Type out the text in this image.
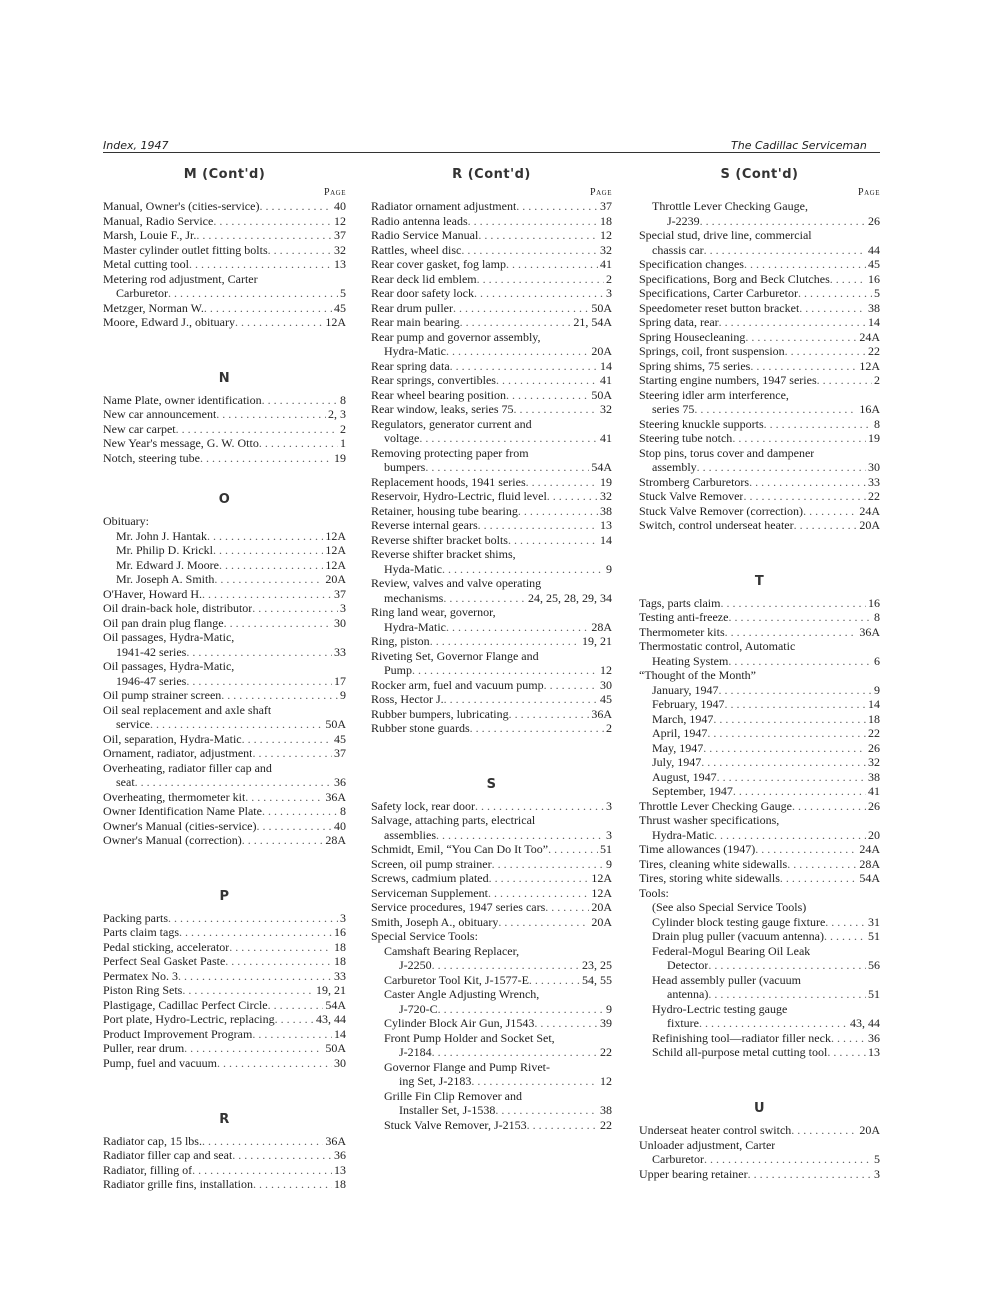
Index, 1947	The Cadillac Serviceman
M (Cont'd)
Page
Manual, Owner's (cities-service) . . .	40
Manual, Radio Service . . .	12
Marsh, Louie F., Jr. . . .	37
Master cylinder outlet fitting bolts . . .	32
Metal cutting tool . . .	13
Metering rod adjustment, Carter
Carburetor . . .	5
Metzger, Norman W. . . .	45
Moore, Edward J., obituary . . .	12A
N
Name Plate, owner identification . . .	8
New car announcement . . .	2, 3
New car carpet . . .	2
New Year's message, G. W. Otto . . .	1
Notch, steering tube . . .	19
O
Obituary:
Mr. John J. Hantak . . .	12A
Mr. Philip D. Krickl . . .	12A
Mr. Edward J. Moore . . .	12A
Mr. Joseph A. Smith . . .	20A
O'Haver, Howard H. . . .	37
Oil drain-back hole, distributor . . .	3
Oil pan drain plug flange . . .	30
Oil passages, Hydra-Matic,
1941-42 series . . .	33
Oil passages, Hydra-Matic,
1946-47 series . . .	17
Oil pump strainer screen . . .	9
Oil seal replacement and axle shaft
service . . .	50A
Oil, separation, Hydra-Matic . . .	45
Ornament, radiator, adjustment . . .	37
Overheating, radiator filler cap and
seat . . .	36
Overheating, thermometer kit . . .	36A
Owner Identification Name Plate . . .	8
Owner's Manual (cities-service) . . .	40
Owner's Manual (correction) . . .	28A
P
Packing parts . . .	3
Parts claim tags . . .	16
Pedal sticking, accelerator . . .	18
Perfect Seal Gasket Paste . . .	18
Permatex No. 3 . . .	33
Piston Ring Sets . . .	19, 21
Plastigage, Cadillac Perfect Circle . . .	54A
Port plate, Hydro-Lectric, replacing . . .	43, 44
Product Improvement Program . . .	14
Puller, rear drum . . .	50A
Pump, fuel and vacuum . . .	30
R
Radiator cap, 15 lbs. . . .	36A
Radiator filler cap and seat . . .	36
Radiator, filling of . . .	13
Radiator grille fins, installation . . .	18
R (Cont'd)
Page
Radiator ornament adjustment . . .	37
Radio antenna leads . . .	18
Radio Service Manual . . .	12
Rattles, wheel disc . . .	32
Rear cover gasket, fog lamp . . .	41
Rear deck lid emblem . . .	2
Rear door safety lock . . .	3
Rear drum puller . . .	50A
Rear main bearing . . .	21, 54A
Rear pump and governor assembly,
Hydra-Matic . . .	20A
Rear spring data . . .	14
Rear springs, convertibles . . .	41
Rear wheel bearing position . . .	50A
Rear window, leaks, series 75 . . .	32
Regulators, generator current and
voltage . . .	41
Removing protecting paper from
bumpers . . .	54A
Replacement hoods, 1941 series . . .	19
Reservoir, Hydro-Lectric, fluid level . . .	32
Retainer, housing tube bearing . . .	38
Reverse internal gears . . .	13
Reverse shifter bracket bolts . . .	14
Reverse shifter bracket shims,
Hyda-Matic . . .	9
Review, valves and valve operating
mechanisms . . .	24, 25, 28, 29, 34
Ring land wear, governor,
Hydra-Matic . . .	28A
Ring, piston . . .	19, 21
Riveting Set, Governor Flange and
Pump . . .	12
Rocker arm, fuel and vacuum pump . . .	30
Ross, Hector J. . . .	45
Rubber bumpers, lubricating . . .	36A
Rubber stone guards . . .	2
S
Safety lock, rear door . . .	3
Salvage, attaching parts, electrical
assemblies . . .	3
Schmidt, Emil, “You Can Do It Too” . . .	51
Screen, oil pump strainer . . .	9
Screws, cadmium plated . . .	12A
Serviceman Supplement . . .	12A
Service procedures, 1947 series cars . . .	20A
Smith, Joseph A., obituary . . .	20A
Special Service Tools:
Camshaft Bearing Replacer,
J-2250 . . .	23, 25
Carburetor Tool Kit, J-1577-E . . .	54, 55
Caster Angle Adjusting Wrench,
J-720-C . . .	9
Cylinder Block Air Gun, J1543 . . .	39
Front Pump Holder and Socket Set,
J-2184 . . .	22
Governor Flange and Pump Rivet-
ing Set, J-2183 . . .	12
Grille Fin Clip Remover and
Installer Set, J-1538 . . .	38
Stuck Valve Remover, J-2153 . . .	22
S (Cont'd)
Page
Throttle Lever Checking Gauge,
J-2239 . . .	26
Special stud, drive line, commercial
chassis car . . .	44
Specification changes . . .	45
Specifications, Borg and Beck Clutches . . .	16
Specifications, Carter Carburetor . . .	5
Speedometer reset button bracket . . .	38
Spring data, rear . . .	14
Spring Housecleaning . . .	24A
Springs, coil, front suspension . . .	22
Spring shims, 75 series . . .	12A
Starting engine numbers, 1947 series . . .	2
Steering idler arm interference,
series 75 . . .	16A
Steering knuckle supports . . .	8
Steering tube notch . . .	19
Stop pins, torus cover and dampener
assembly . . .	30
Stromberg Carburetors . . .	33
Stuck Valve Remover . . .	22
Stuck Valve Remover (correction) . . .	24A
Switch, control underseat heater . . .	20A
T
Tags, parts claim . . .	16
Testing anti-freeze . . .	8
Thermometer kits . . .	36A
Thermostatic control, Automatic
Heating System . . .	6
“Thought of the Month”
January, 1947 . . .	9
February, 1947 . . .	14
March, 1947 . . .	18
April, 1947 . . .	22
May, 1947 . . .	26
July, 1947 . . .	32
August, 1947 . . .	38
September, 1947 . . .	41
Throttle Lever Checking Gauge . . .	26
Thrust washer specifications,
Hydra-Matic . . .	20
Time allowances (1947) . . .	24A
Tires, cleaning white sidewalls . . .	28A
Tires, storing white sidewalls . . .	54A
Tools:
(See also Special Service Tools)
Cylinder block testing gauge fixture . . .	31
Drain plug puller (vacuum antenna) . . .	51
Federal-Mogul Bearing Oil Leak
Detector . . .	56
Head assembly puller (vacuum
antenna) . . .	51
Hydro-Lectric testing gauge
fixture . . .	43, 44
Refinishing tool—radiator filler neck . . .	36
Schild all-purpose metal cutting tool . . .	13
U
Underseat heater control switch . . .	20A
Unloader adjustment, Carter
Carburetor . . .	5
Upper bearing retainer . . .	3
